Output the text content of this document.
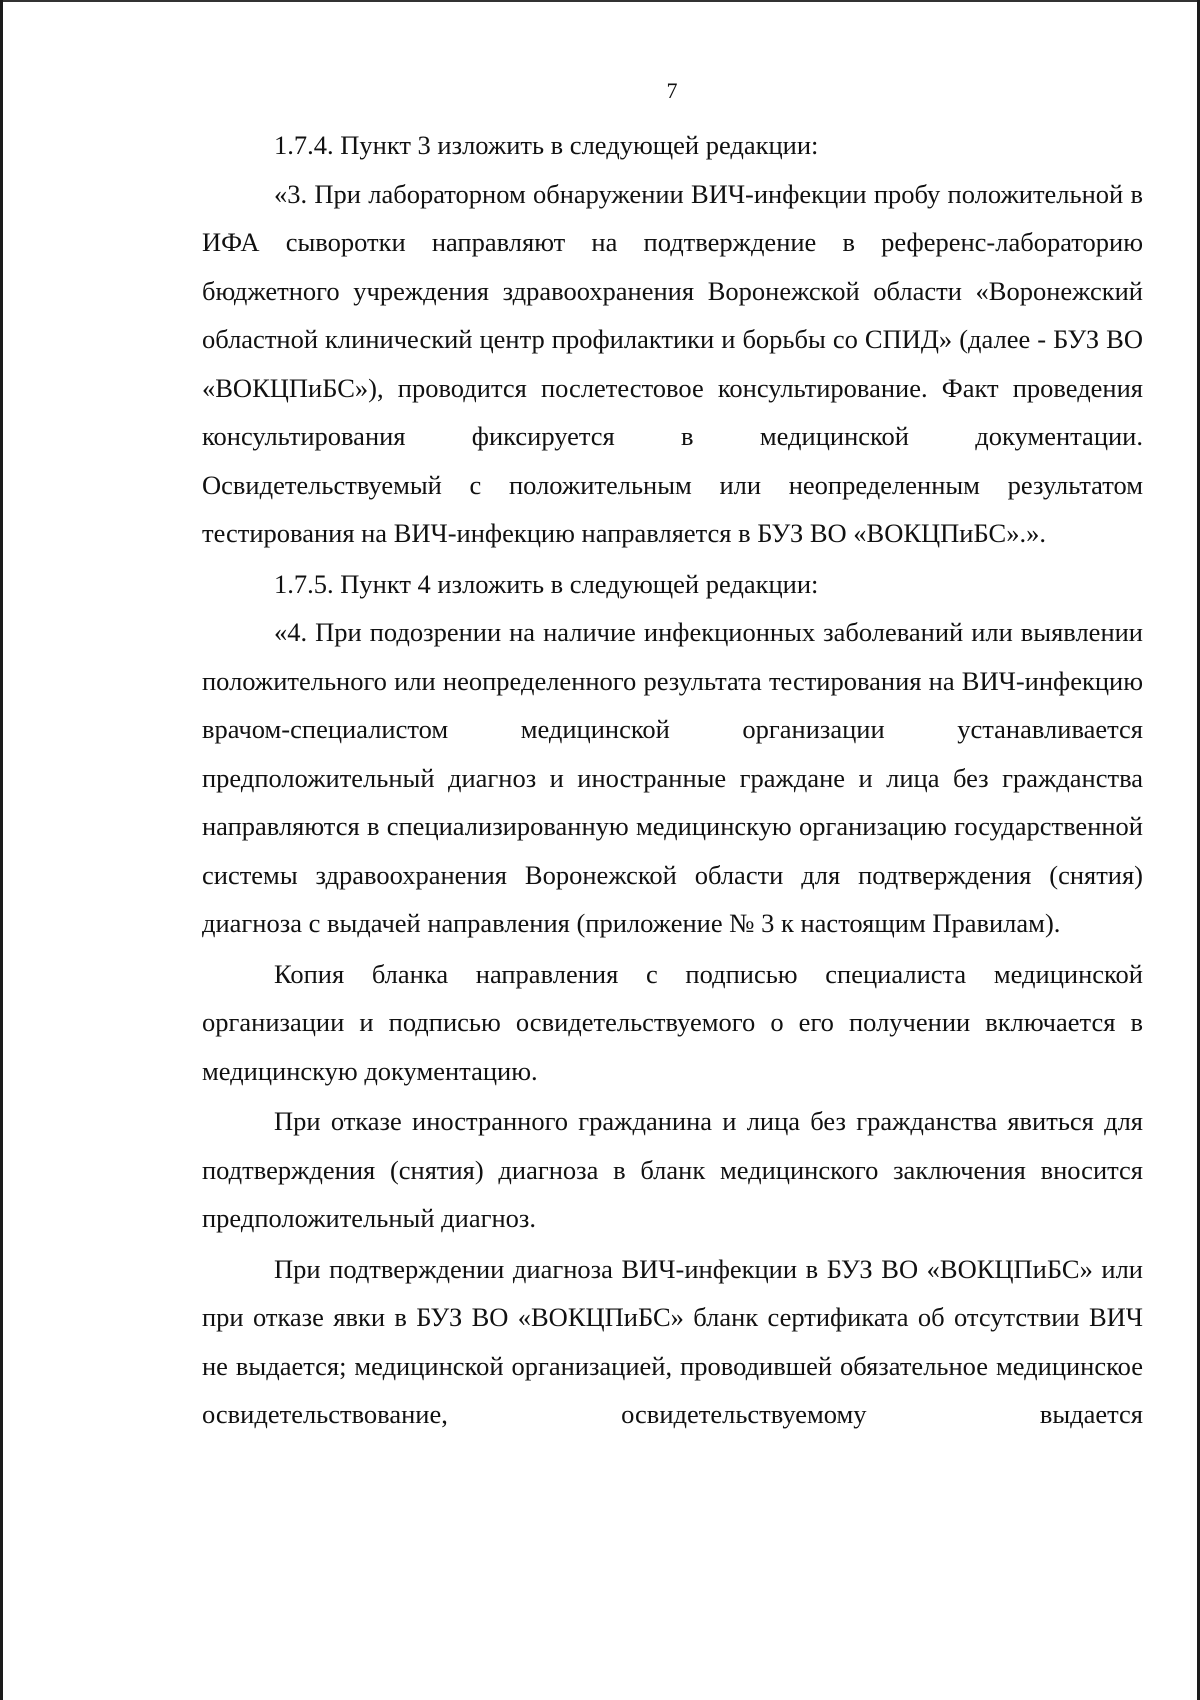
7

1.7.4. Пункт 3 изложить в следующей редакции:

«3. При лабораторном обнаружении ВИЧ-инфекции пробу положительной в ИФА сыворотки направляют на подтверждение в референс-лабораторию бюджетного учреждения здравоохранения Воронежской области «Воронежский областной клинический центр профилактики и борьбы со СПИД» (далее - БУЗ ВО «ВОКЦПиБС»), проводится послетестовое консультирование. Факт проведения консультирования фиксируется в медицинской документации. Освидетельствуемый с положительным или неопределенным результатом тестирования на ВИЧ-инфекцию направляется в БУЗ ВО «ВОКЦПиБС».».

1.7.5. Пункт 4 изложить в следующей редакции:

«4. При подозрении на наличие инфекционных заболеваний или выявлении положительного или неопределенного результата тестирования на ВИЧ-инфекцию врачом-специалистом медицинской организации устанавливается предположительный диагноз и иностранные граждане и лица без гражданства направляются в специализированную медицинскую организацию государственной системы здравоохранения Воронежской области для подтверждения (снятия) диагноза с выдачей направления (приложение № 3 к настоящим Правилам).

Копия бланка направления с подписью специалиста медицинской организации и подписью освидетельствуемого о его получении включается в медицинскую документацию.

При отказе иностранного гражданина и лица без гражданства явиться для подтверждения (снятия) диагноза в бланк медицинского заключения вносится предположительный диагноз.

При подтверждении диагноза ВИЧ-инфекции в БУЗ ВО «ВОКЦПиБС» или при отказе явки в БУЗ ВО «ВОКЦПиБС» бланк сертификата об отсутствии ВИЧ не выдается; медицинской организацией, проводившей обязательное медицинское освидетельствование, освидетельствуемому выдается
